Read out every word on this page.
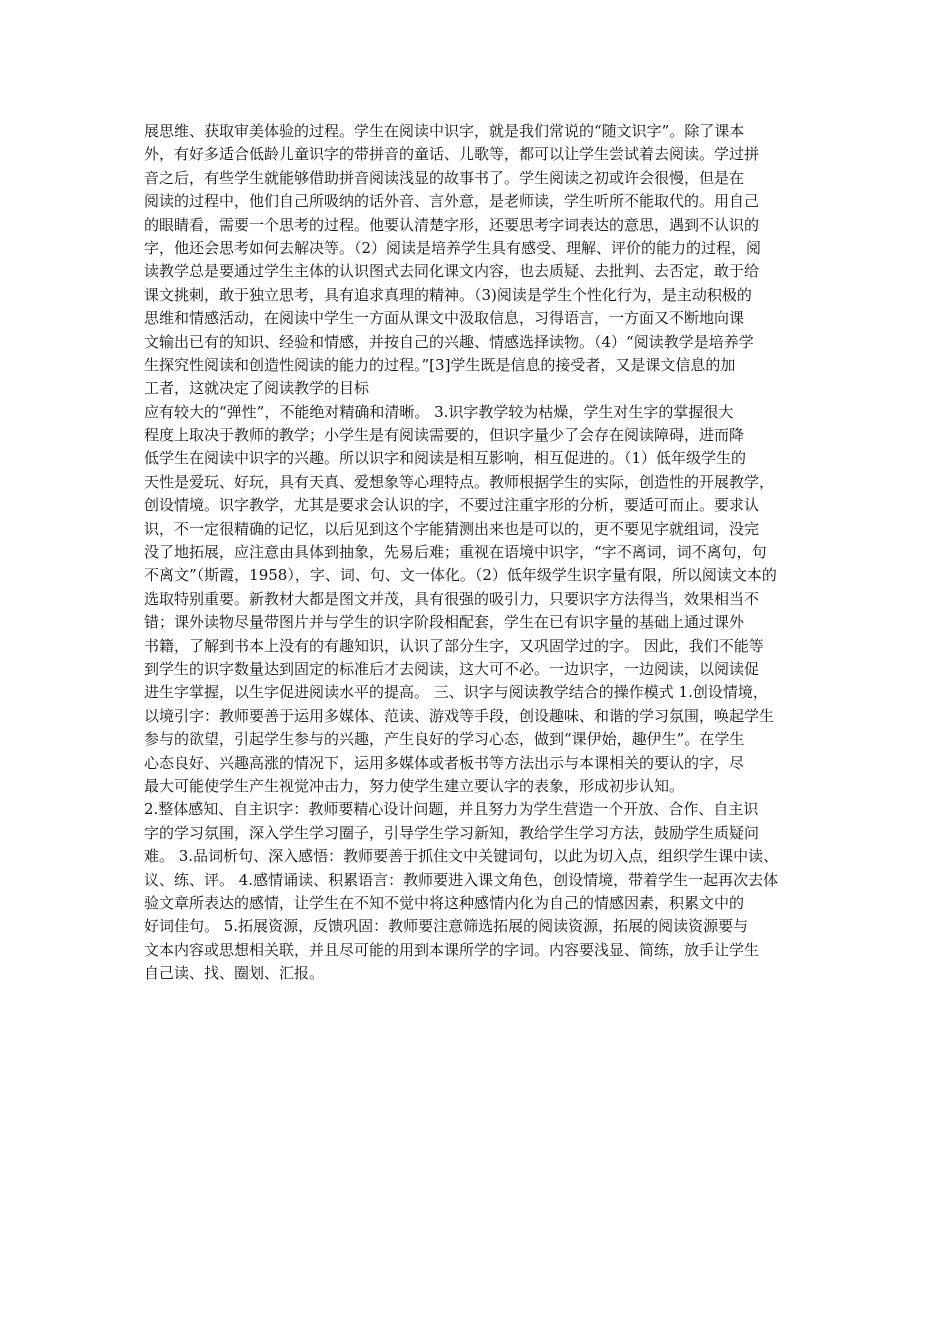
展思维、获取审美体验的过程。学生在阅读中识字，就是我们常说的“随文识字”。除了课本
外，有好多适合低龄儿童识字的带拼音的童话、儿歌等，都可以让学生尝试着去阅读。学过拼
音之后，有些学生就能够借助拼音阅读浅显的故事书了。学生阅读之初或许会很慢，但是在
阅读的过程中，他们自己所吸纳的话外音、言外意，是老师读，学生听所不能取代的。用自己
的眼睛看，需要一个思考的过程。他要认清楚字形，还要思考字词表达的意思，遇到不认识的
字，他还会思考如何去解决等。（2）阅读是培养学生具有感受、理解、评价的能力的过程，阅
读教学总是要通过学生主体的认识图式去同化课文内容，也去质疑、去批判、去否定，敢于给
课文挑刺，敢于独立思考，具有追求真理的精神。（3)阅读是学生个性化行为，是主动积极的
思维和情感活动，在阅读中学生一方面从课文中汲取信息，习得语言，一方面又不断地向课
文输出已有的知识、经验和情感，并按自己的兴趣、情感选择读物。（4）“阅读教学是培养学
生探究性阅读和创造性阅读的能力的过程。”[3]学生既是信息的接受者，又是课文信息的加
工者，这就决定了阅读教学的目标
应有较大的“弹性”，不能绝对精确和清晰。 3.识字教学较为枯燥，学生对生字的掌握很大
程度上取决于教师的教学；小学生是有阅读需要的，但识字量少了会存在阅读障碍，进而降
低学生在阅读中识字的兴趣。所以识字和阅读是相互影响，相互促进的。（1）低年级学生的
天性是爱玩、好玩，具有天真、爱想象等心理特点。教师根据学生的实际，创造性的开展教学，
创设情境。识字教学，尤其是要求会认识的字，不要过注重字形的分析，要适可而止。要求认
识，不一定很精确的记忆，以后见到这个字能猜测出来也是可以的，更不要见字就组词，没完
没了地拓展，应注意由具体到抽象，先易后难；重视在语境中识字，“字不离词，词不离句，句
不离文”（斯霞，1958），字、词、句、文一体化。（2）低年级学生识字量有限，所以阅读文本的
选取特别重要。新教材大都是图文并茂，具有很强的吸引力，只要识字方法得当，效果相当不
错；课外读物尽量带图片并与学生的识字阶段相配套，学生在已有识字量的基础上通过课外
书籍，了解到书本上没有的有趣知识，认识了部分生字，又巩固学过的字。 因此，我们不能等
到学生的识字数量达到固定的标准后才去阅读，这大可不必。一边识字，一边阅读，以阅读促
进生字掌握，以生字促进阅读水平的提高。 三、识字与阅读教学结合的操作模式 1.创设情境，
以境引字：教师要善于运用多媒体、范读、游戏等手段，创设趣味、和谐的学习氛围，唤起学生
参与的欲望，引起学生参与的兴趣，产生良好的学习心态，做到“课伊始，趣伊生”。在学生
心态良好、兴趣高涨的情况下，运用多媒体或者板书等方法出示与本课相关的要认的字，尽
最大可能使学生产生视觉冲击力，努力使学生建立要认字的表象，形成初步认知。
2.整体感知、自主识字：教师要精心设计问题，并且努力为学生营造一个开放、合作、自主识
字的学习氛围，深入学生学习圈子，引导学生学习新知，教给学生学习方法，鼓励学生质疑问
难。 3.品词析句、深入感悟：教师要善于抓住文中关键词句，以此为切入点，组织学生课中读、
议、练、评。 4.感情诵读、积累语言：教师要进入课文角色，创设情境，带着学生一起再次去体
验文章所表达的感情，让学生在不知不觉中将这种感情内化为自己的情感因素，积累文中的
好词佳句。 5.拓展资源，反馈巩固：教师要注意筛选拓展的阅读资源，拓展的阅读资源要与
文本内容或思想相关联，并且尽可能的用到本课所学的字词。内容要浅显、简练，放手让学生
自己读、找、圈划、汇报。
